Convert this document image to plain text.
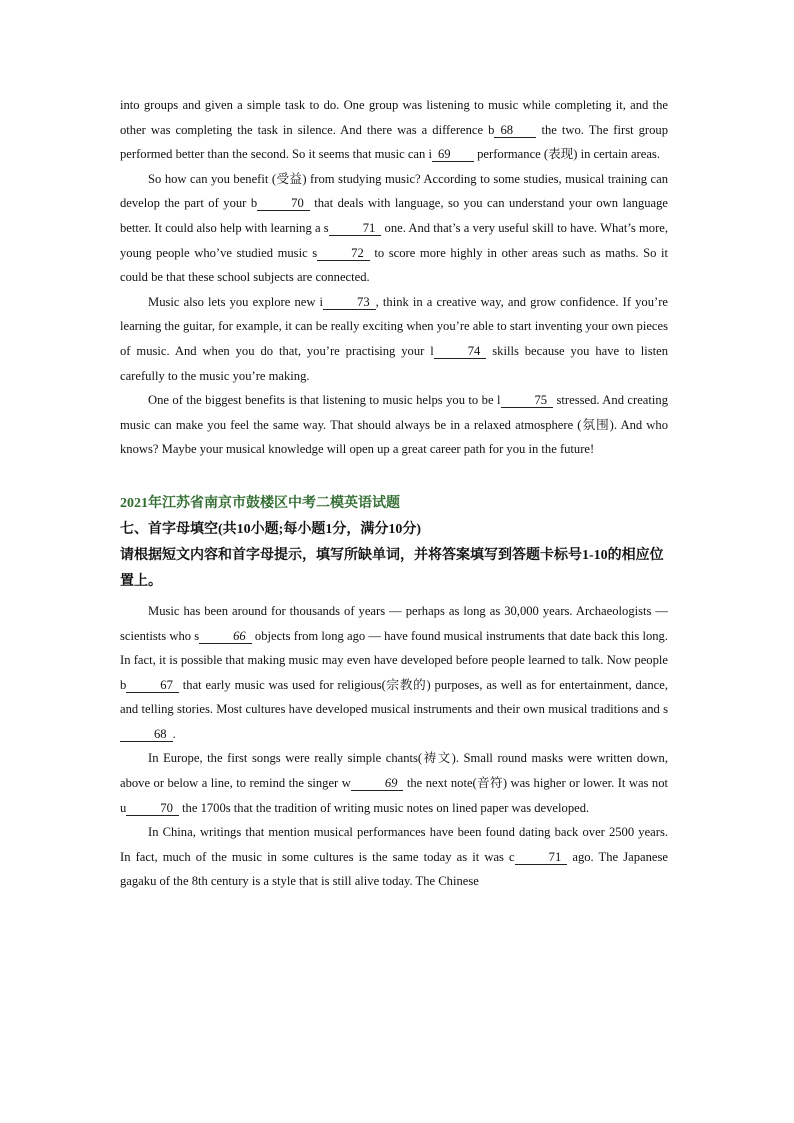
into groups and given a simple task to do. One group was listening to music while completing it, and the other was completing the task in silence. And there was a difference b 68 the two. The first group performed better than the second. So it seems that music can i 69 performance (表现) in certain areas.

So how can you benefit (受益) from studying music? According to some studies, musical training can develop the part of your b	70 that deals with language, so you can understand your own language better. It could also help with learning a s	71 one. And that’s a very useful skill to have. What’s more, young people who’ve studied music s	72 to score more highly in other areas such as maths. So it could be that these school subjects are connected.

Music also lets you explore new i	73 , think in a creative way, and grow confidence. If you’re learning the guitar, for example, it can be really exciting when you’re able to start inventing your own pieces of music. And when you do that, you’re practising your l	74 skills because you have to listen carefully to the music you’re making.

One of the biggest benefits is that listening to music helps you to be l	75 stressed. And creating music can make you feel the same way. That should always be in a relaxed atmosphere (氛围). And who knows? Maybe your musical knowledge will open up a great career path for you in the future!

2021年江苏省南京市鼓楼区中考二模英语试题
七、首字母填空(共10小题;每小题1分，满分10分)
请根据短文内容和首字母提示，填写所缺单词，并将答案填写到答题卡标号1-10的相应位置上。

Music has been around for thousands of years — perhaps as long as 30,000 years. Archaeologists — scientists who s	66 objects from long ago — have found musical instruments that date back this long. In fact, it is possible that making music may even have developed before people learned to talk. Now people b	67 that early music was used for religious(宗教的) purposes, as well as for entertainment, dance, and telling stories. Most cultures have developed musical instruments and their own musical traditions and s68 .

In Europe, the first songs were really simple chants(祷文). Small round masks were written down, above or below a line, to remind the singer w	69 the next note(音符) was higher or lower. It was not u	70 the 1700s that the tradition of writing music notes on lined paper was developed.

In China, writings that mention musical performances have been found dating back over 2500 years. In fact, much of the music in some cultures is the same today as it was c	71 ago. The Japanese gagaku of the 8th century is a style that is still alive today. The Chinese
